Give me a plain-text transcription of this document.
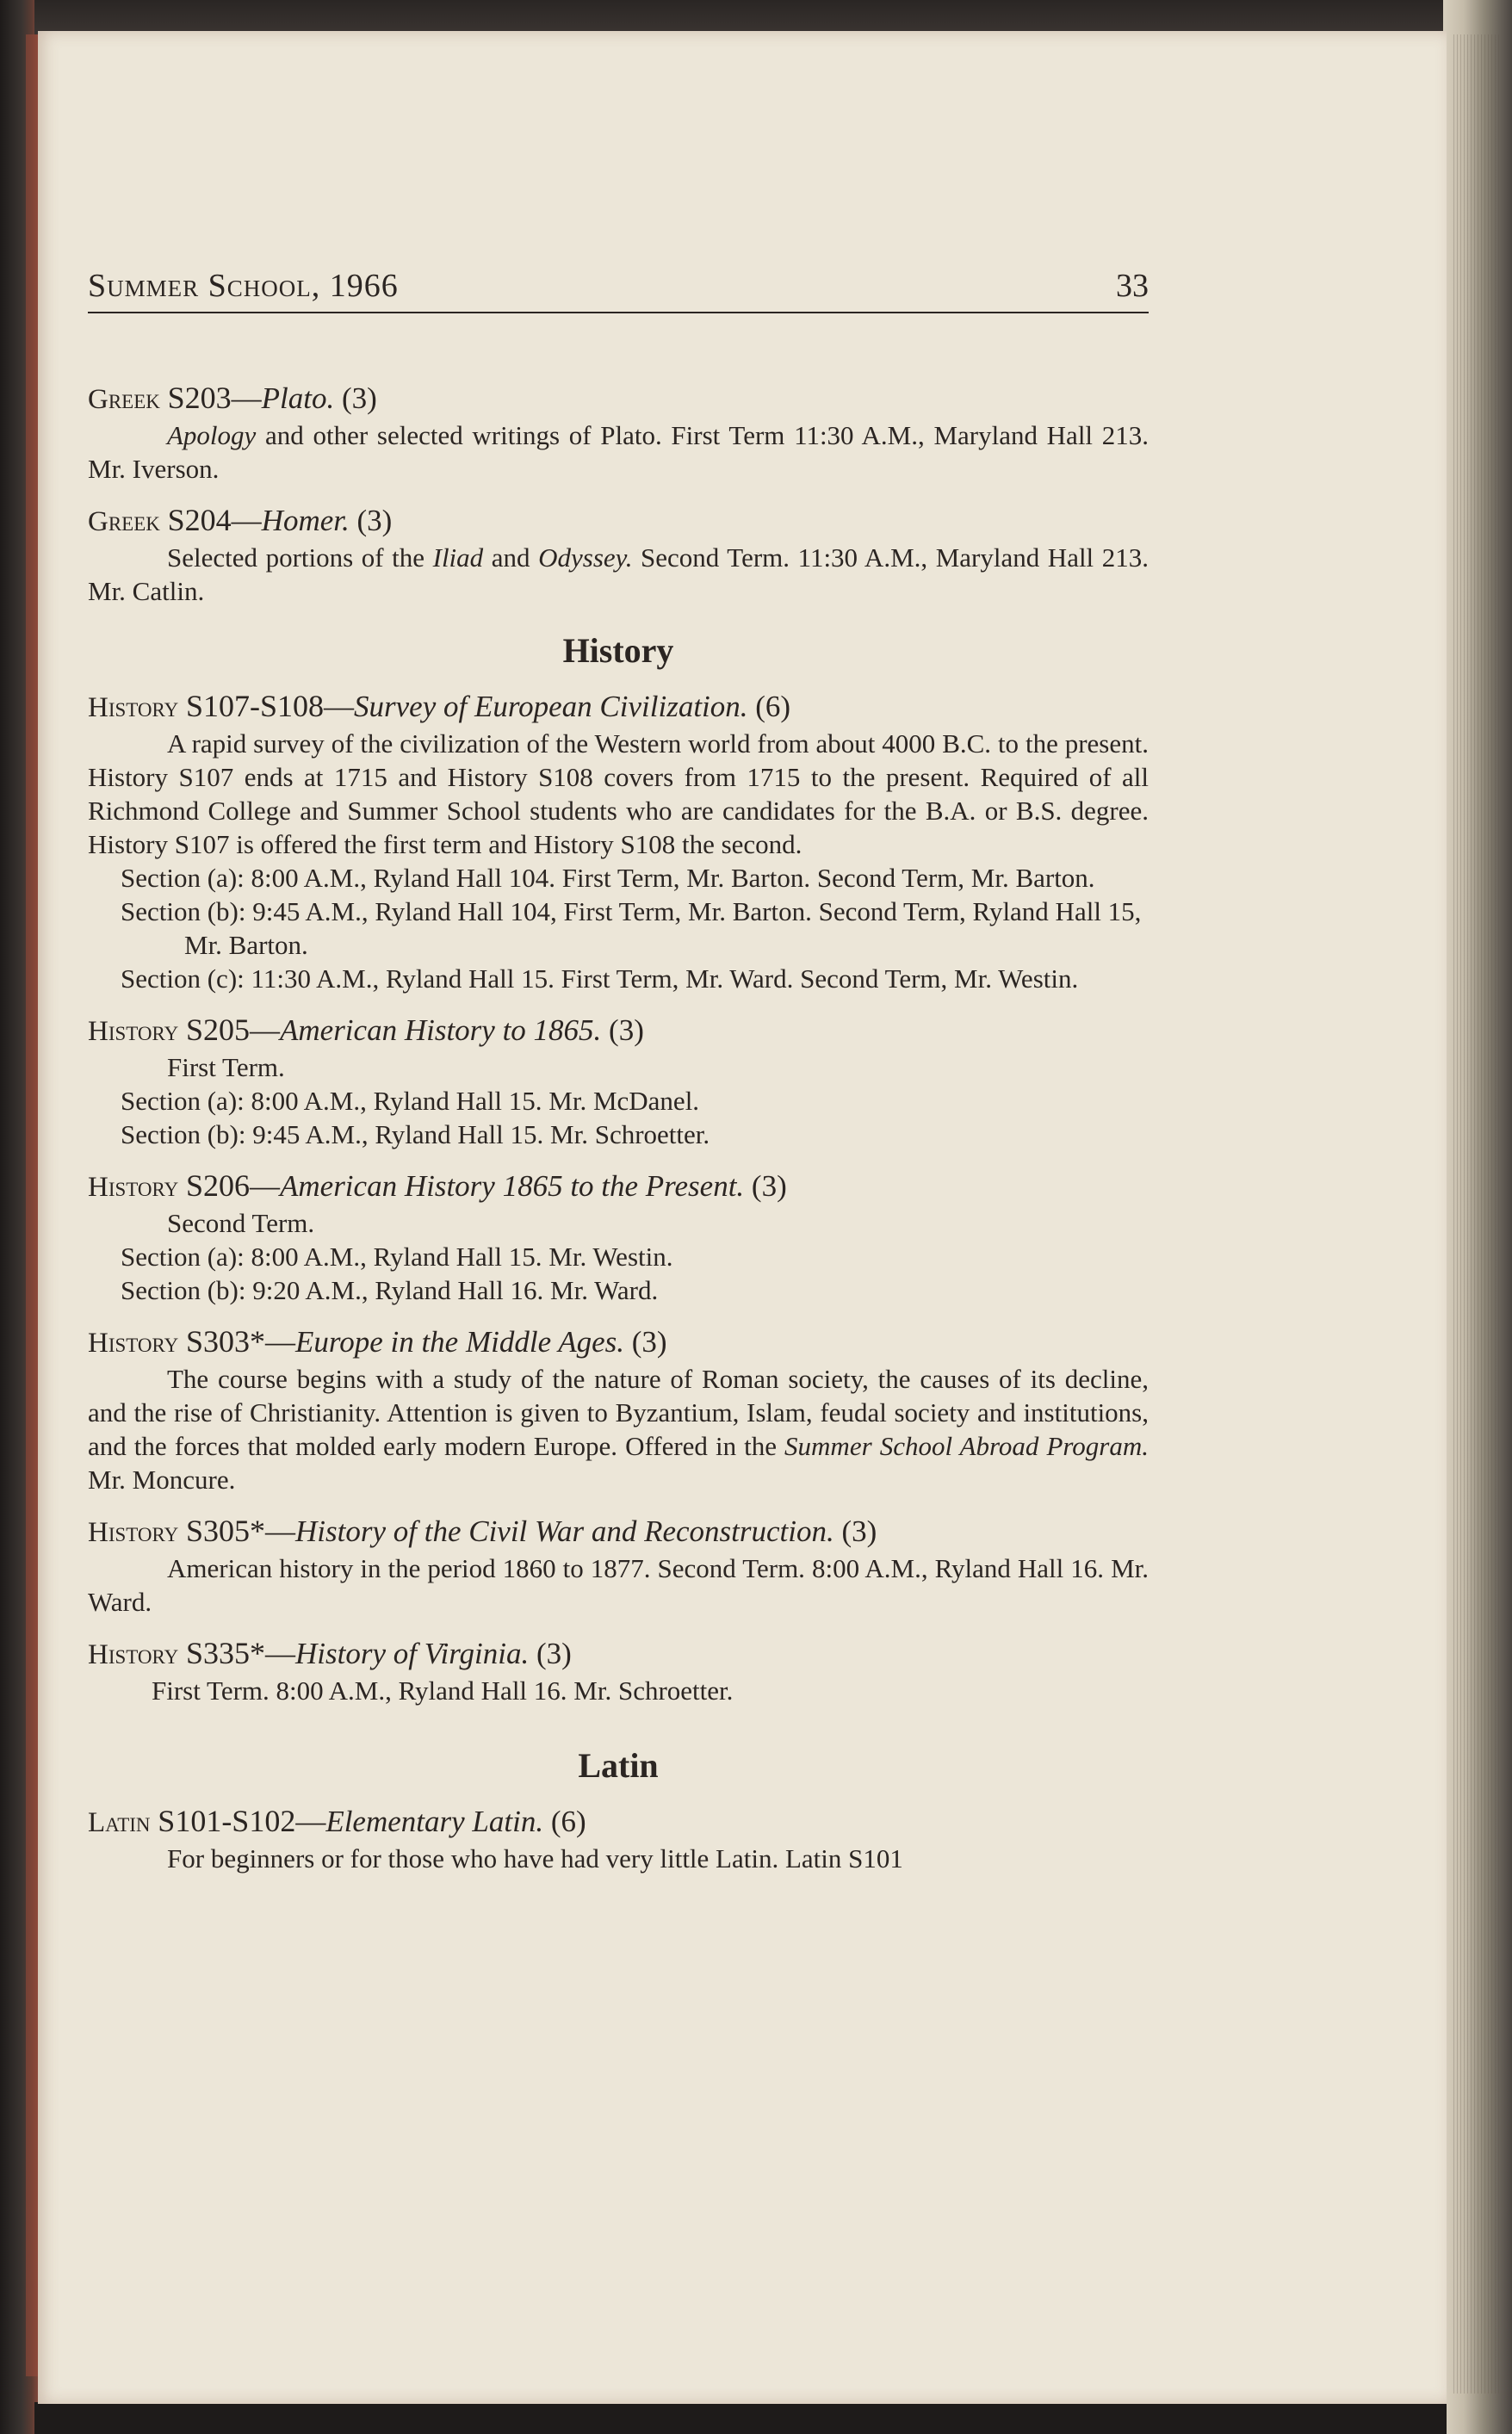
Summer School, 1966	33

Greek S203—Plato. (3)

Apology and other selected writings of Plato. First Term 11:30 A.M., Maryland Hall 213. Mr. Iverson.

Greek S204—Homer. (3)

Selected portions of the Iliad and Odyssey. Second Term. 11:30 A.M., Maryland Hall 213. Mr. Catlin.

History

History S107-S108—Survey of European Civilization. (6)

A rapid survey of the civilization of the Western world from about 4000 B.C. to the present. History S107 ends at 1715 and History S108 covers from 1715 to the present. Required of all Richmond College and Summer School students who are candidates for the B.A. or B.S. degree. History S107 is offered the first term and History S108 the second.

Section (a): 8:00 A.M., Ryland Hall 104. First Term, Mr. Barton. Second Term, Mr. Barton.

Section (b): 9:45 A.M., Ryland Hall 104, First Term, Mr. Barton. Second Term, Ryland Hall 15, Mr. Barton.

Section (c): 11:30 A.M., Ryland Hall 15. First Term, Mr. Ward. Second Term, Mr. Westin.

History S205—American History to 1865. (3)

First Term.

Section (a): 8:00 A.M., Ryland Hall 15. Mr. McDanel.

Section (b): 9:45 A.M., Ryland Hall 15. Mr. Schroetter.

History S206—American History 1865 to the Present. (3)

Second Term.

Section (a): 8:00 A.M., Ryland Hall 15. Mr. Westin.

Section (b): 9:20 A.M., Ryland Hall 16. Mr. Ward.

History S303*—Europe in the Middle Ages. (3)

The course begins with a study of the nature of Roman society, the causes of its decline, and the rise of Christianity. Attention is given to Byzantium, Islam, feudal society and institutions, and the forces that molded early modern Europe. Offered in the Summer School Abroad Program. Mr. Moncure.

History S305*—History of the Civil War and Reconstruction. (3)

American history in the period 1860 to 1877. Second Term. 8:00 A.M., Ryland Hall 16. Mr. Ward.

History S335*—History of Virginia. (3)

First Term. 8:00 A.M., Ryland Hall 16. Mr. Schroetter.

Latin

Latin S101-S102—Elementary Latin. (6)

For beginners or for those who have had very little Latin. Latin S101
